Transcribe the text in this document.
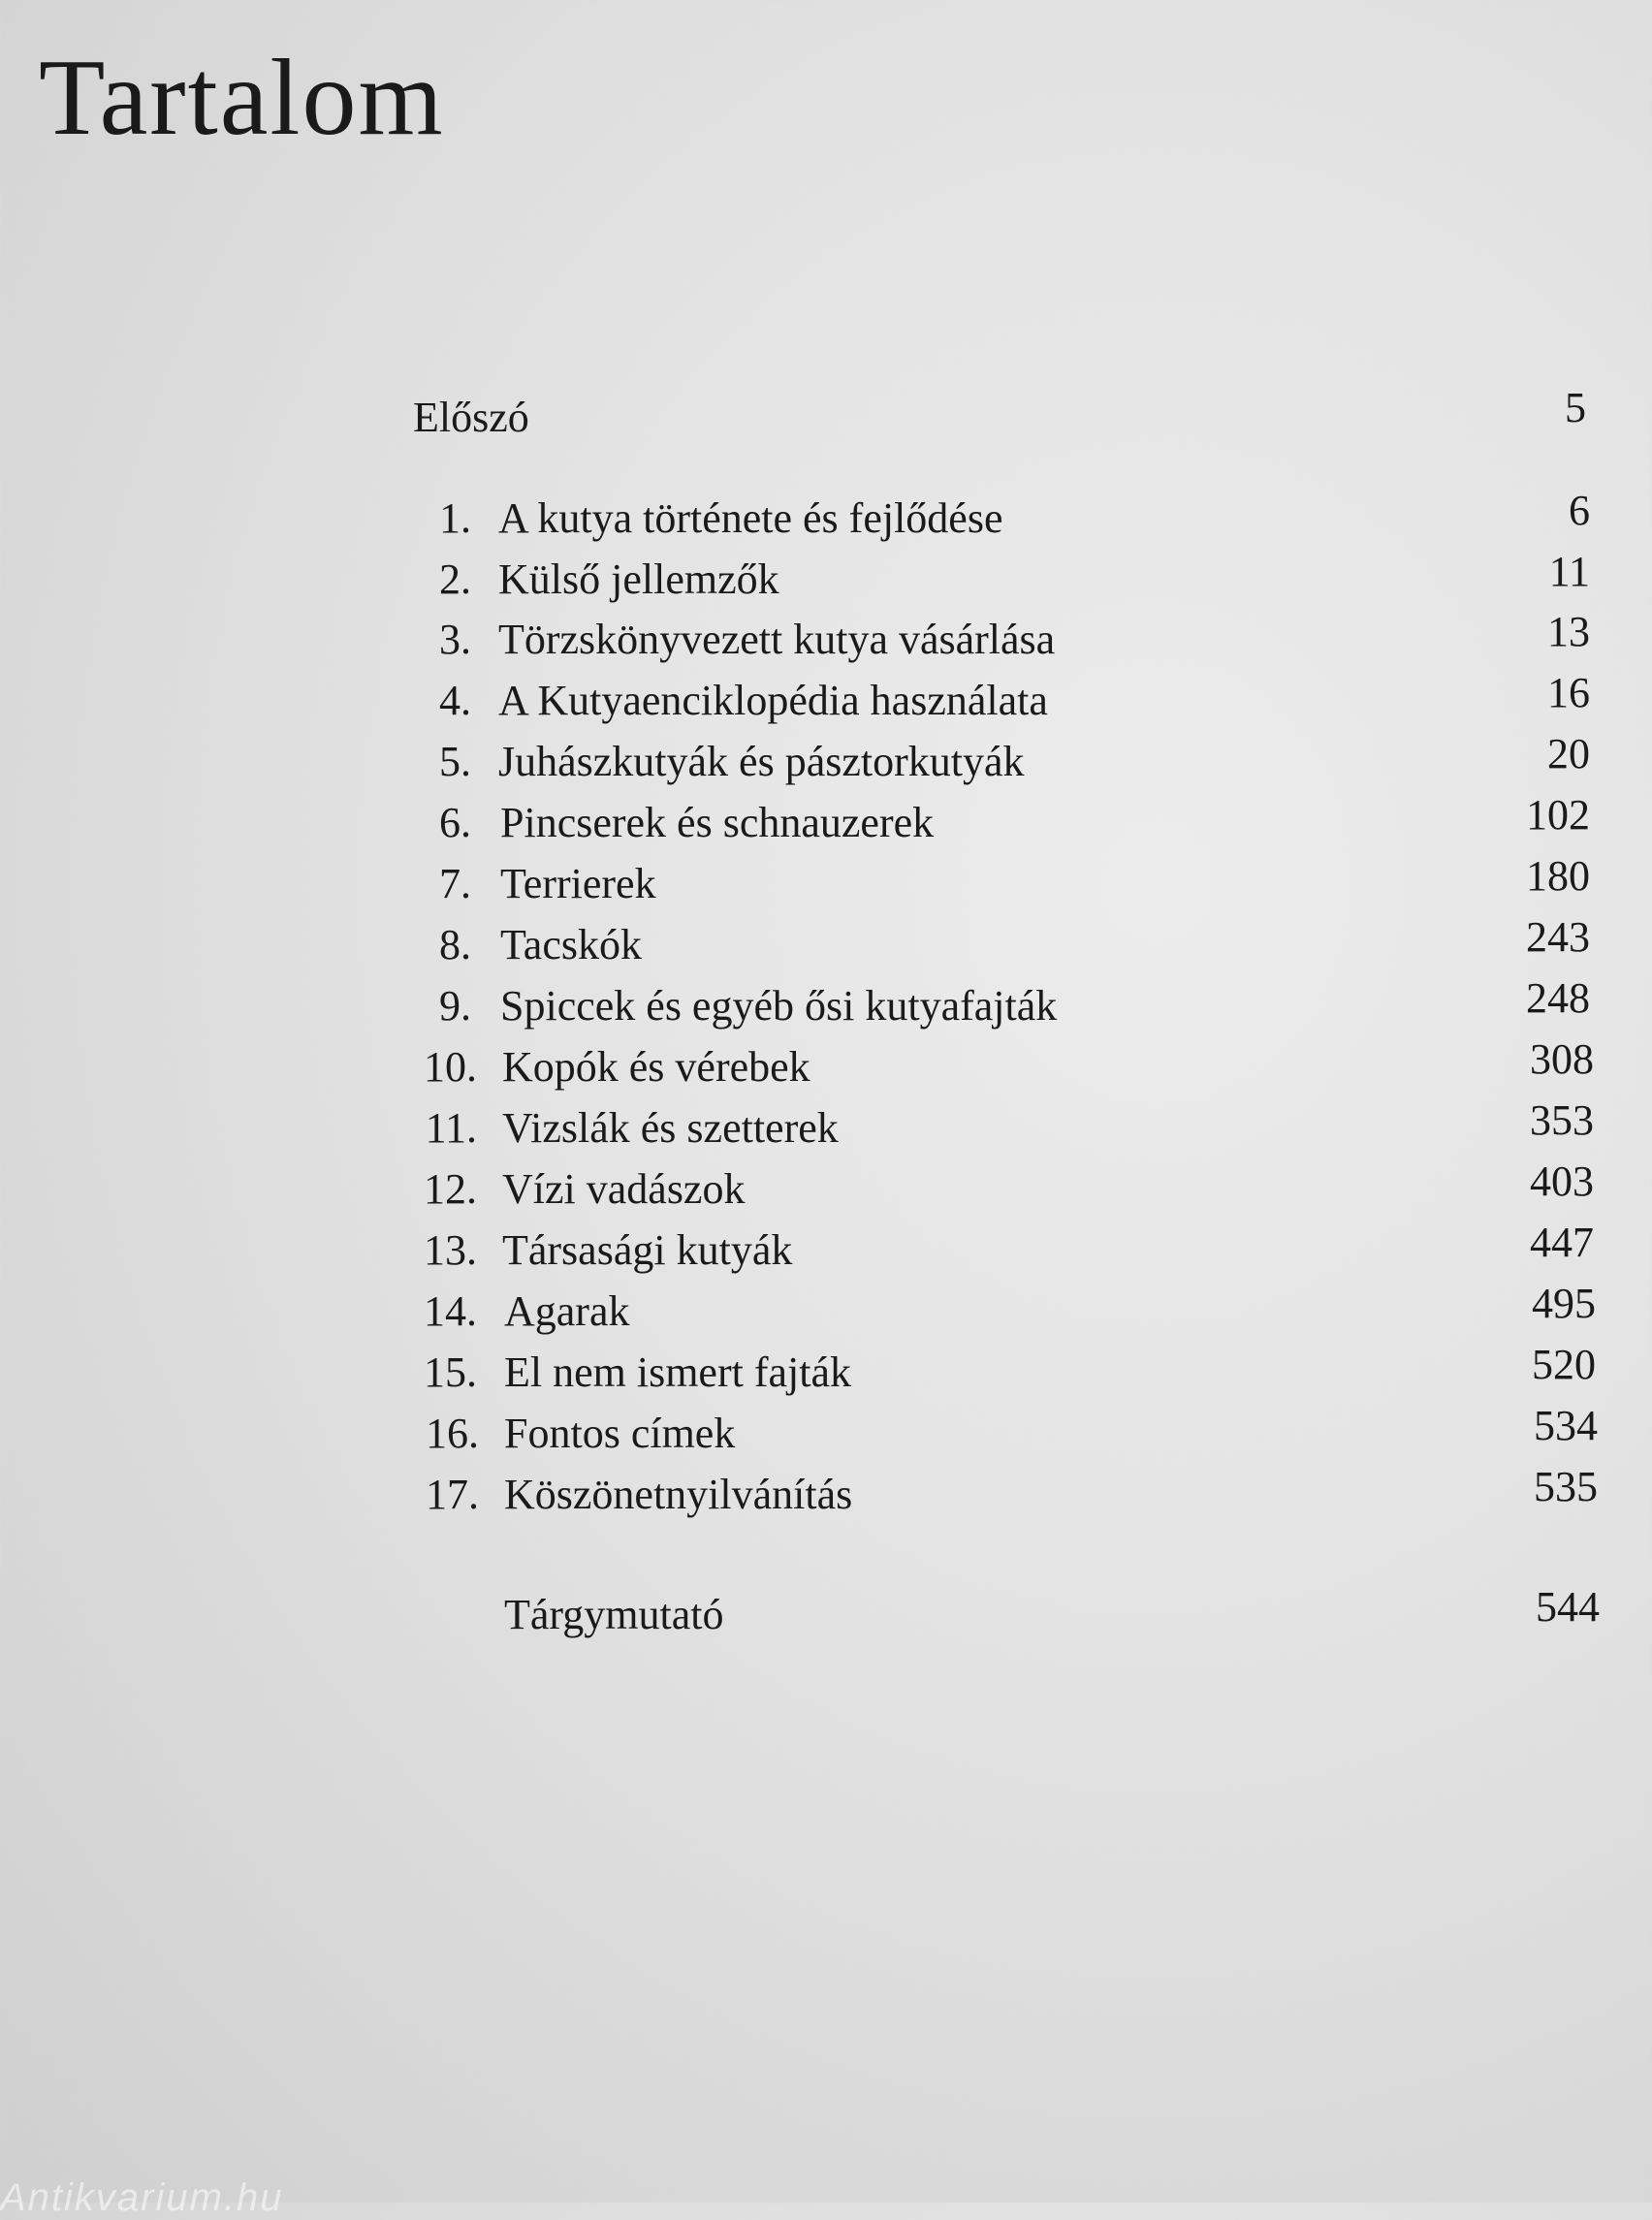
Tartalom
Előszó	5
1. A kutya története és fejlődése	6
2. Külső jellemzők	11
3. Törzskönyvezett kutya vásárlása	13
4. A Kutyaenciklopédia használata	16
5. Juhászkutyák és pásztorkutyák	20
6. Pincserek és schnauzerek	102
7. Terrierek	180
8. Tacskók	243
9. Spiccek és egyéb ősi kutyafajták	248
10. Kopók és vérebek	308
11. Vizslák és szetterek	353
12. Vízi vadászok	403
13. Társasági kutyák	447
14. Agarak	495
15. El nem ismert fajták	520
16. Fontos címek	534
17. Köszönetnyilvánítás	535
Tárgymutató	544
Antikvarium.hu
